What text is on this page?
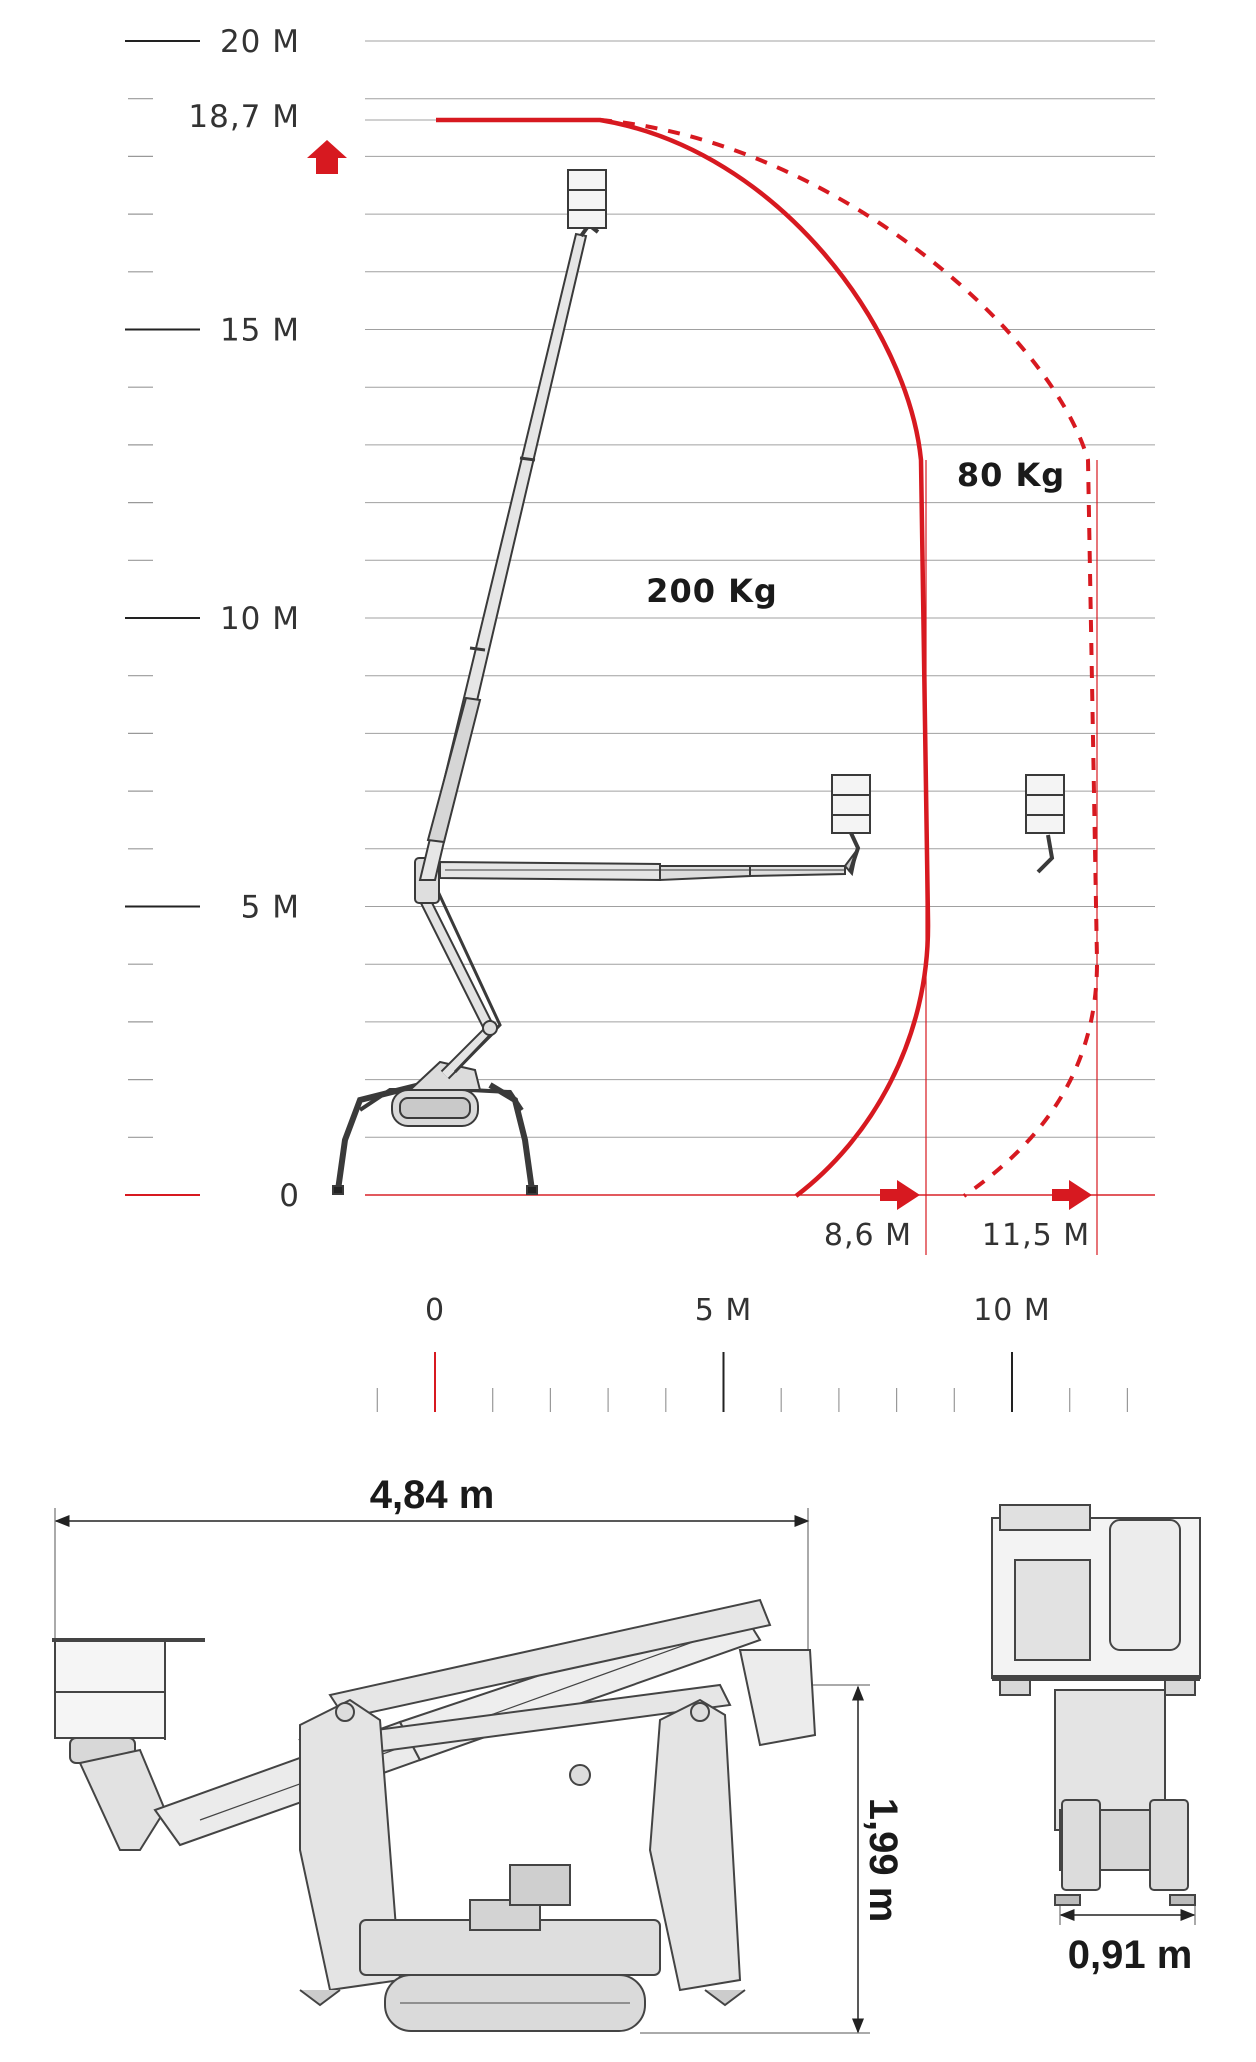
20 M
15 M
10 M
5 M
0
18,7 M
8,6 M 11,5 M
200 Kg
80 Kg
0	5 M	10 M
4,84 m
1,99 m
0,91 m
